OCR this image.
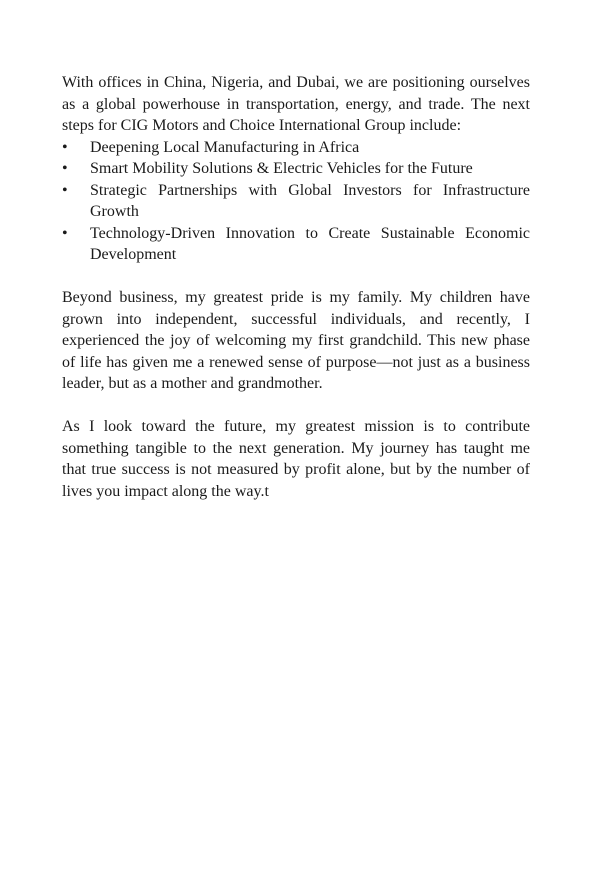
With offices in China, Nigeria, and Dubai, we are positioning ourselves as a global powerhouse in transportation, energy, and trade. The next steps for CIG Motors and Choice International Group include:

• Deepening Local Manufacturing in Africa
• Smart Mobility Solutions & Electric Vehicles for the Future
• Strategic Partnerships with Global Investors for Infrastructure Growth
• Technology-Driven Innovation to Create Sustainable Economic Development

Beyond business, my greatest pride is my family. My children have grown into independent, successful individuals, and recently, I experienced the joy of welcoming my first grandchild. This new phase of life has given me a renewed sense of purpose—not just as a business leader, but as a mother and grandmother.

As I look toward the future, my greatest mission is to contribute something tangible to the next generation. My journey has taught me that true success is not measured by profit alone, but by the number of lives you impact along the way.t
